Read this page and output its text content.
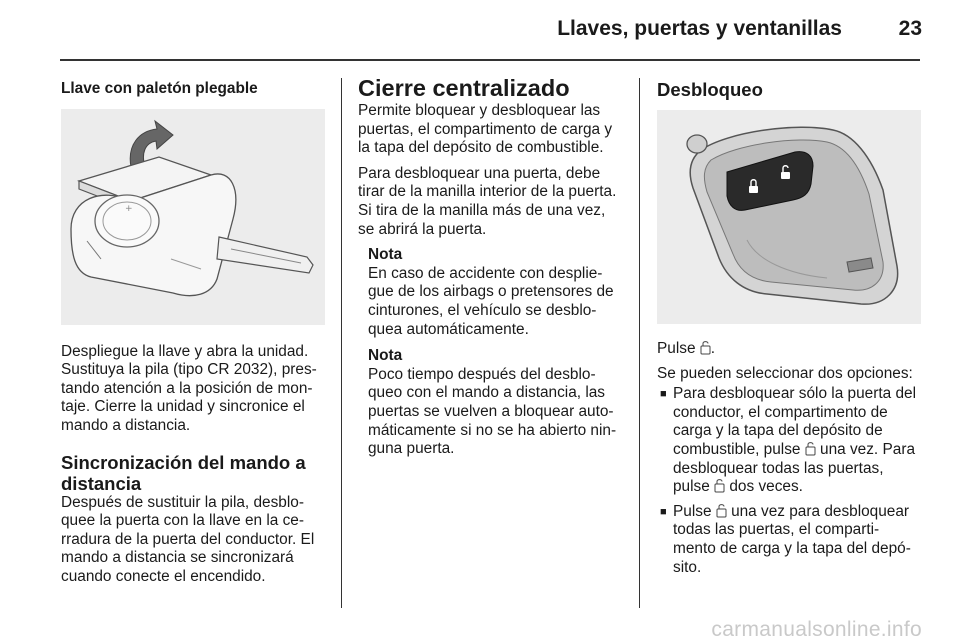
Llaves, puertas y ventanillas	23

Llave con paletón plegable

+
Despliegue la llave y abra la unidad.
Sustituya la pila (tipo CR 2032), pres-
tando atención a la posición de mon-
taje. Cierre la unidad y sincronice el
mando a distancia.
Sincronización del mando a
distancia
Después de sustituir la pila, desblo-
quee la puerta con la llave en la ce-
rradura de la puerta del conductor. El
mando a distancia se sincronizará
cuando conecte el encendido.
Cierre centralizado
Permite bloquear y desbloquear las
puertas, el compartimento de carga y
la tapa del depósito de combustible.
Para desbloquear una puerta, debe
tirar de la manilla interior de la puerta.
Si tira de la manilla más de una vez,
se abrirá la puerta.
Nota
En caso de accidente con desplie-
gue de los airbags o pretensores de
cinturones, el vehículo se desblo-
quea automáticamente.
Nota
Poco tiempo después del desblo-
queo con el mando a distancia, las
puertas se vuelven a bloquear auto-
máticamente si no se ha abierto nin-
guna puerta.

Desbloqueo

Pulse .
Se pueden seleccionar dos opciones:
■ Para desbloquear sólo la puerta del
conductor, el compartimento de
carga y la tapa del depósito de
combustible, pulse una vez. Para
desbloquear todas las puertas,
pulse dos veces.
■ Pulse una vez para desbloquear
todas las puertas, el comparti-
mento de carga y la tapa del depó-
sito.
carmanualsonline.info
